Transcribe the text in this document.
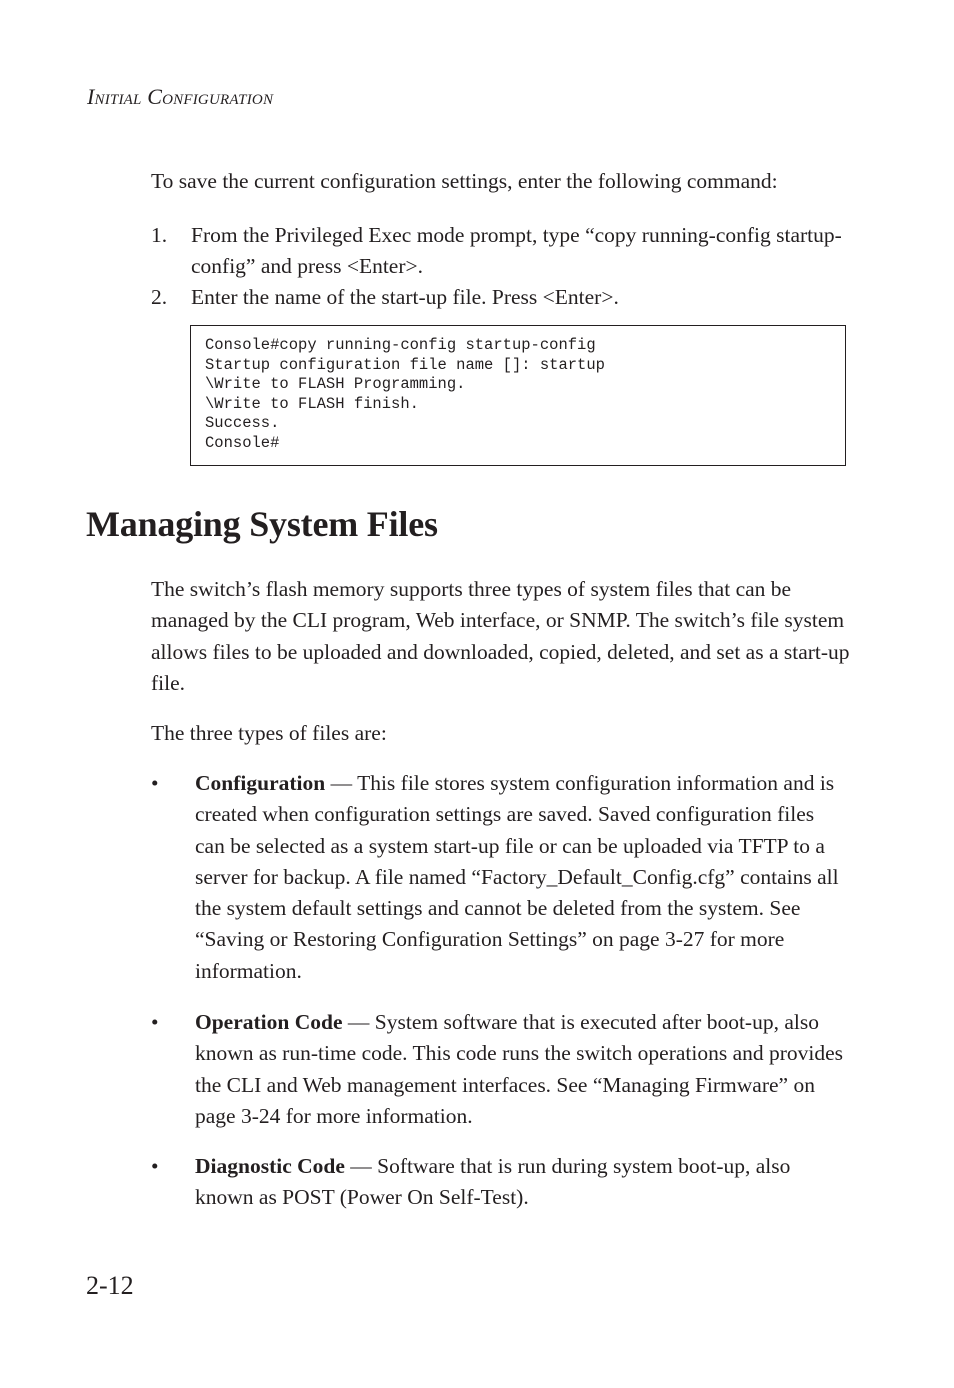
Initial Configuration

To save the current configuration settings, enter the following command:

1. From the Privileged Exec mode prompt, type “copy running-config startup-config” and press <Enter>.
2. Enter the name of the start-up file. Press <Enter>.
Console#copy running-config startup-config
Startup configuration file name []: startup
\Write to FLASH Programming.
\Write to FLASH finish.
Success.
Console#
Managing System Files

The switch’s flash memory supports three types of system files that can be managed by the CLI program, Web interface, or SNMP. The switch’s file system allows files to be uploaded and downloaded, copied, deleted, and set as a start-up file.

The three types of files are:

• Configuration — This file stores system configuration information and is created when configuration settings are saved. Saved configuration files can be selected as a system start-up file or can be uploaded via TFTP to a server for backup. A file named “Factory_Default_Config.cfg” contains all the system default settings and cannot be deleted from the system. See “Saving or Restoring Configuration Settings” on page 3-27 for more information.
• Operation Code — System software that is executed after boot-up, also known as run-time code. This code runs the switch operations and provides the CLI and Web management interfaces. See “Managing Firmware” on page 3-24 for more information.
• Diagnostic Code — Software that is run during system boot-up, also known as POST (Power On Self-Test).
2-12
